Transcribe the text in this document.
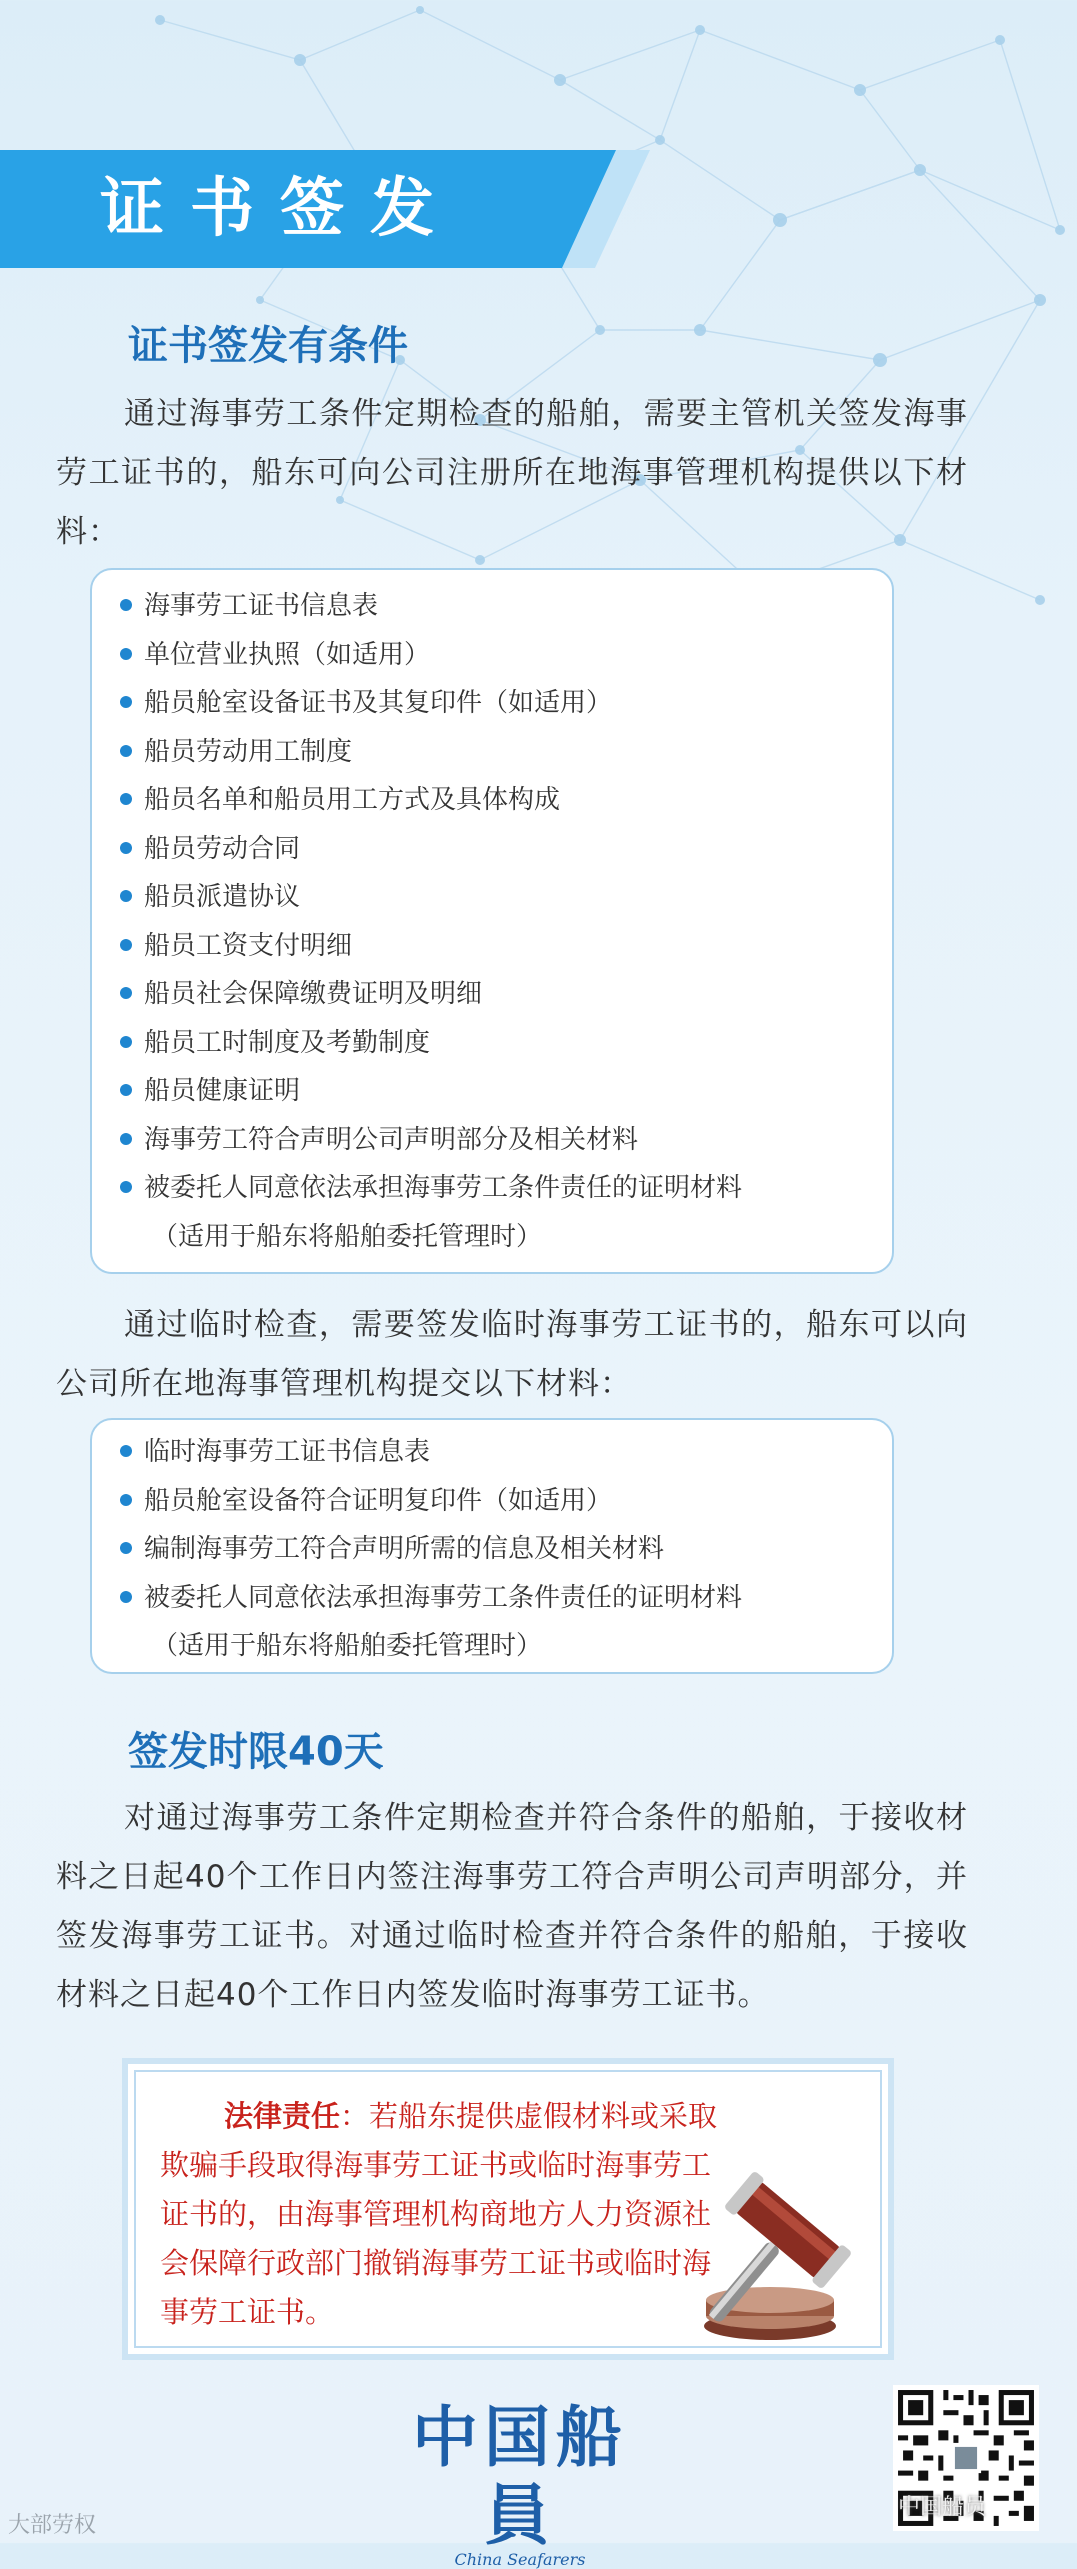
证书签发
证书签发有条件
通过海事劳工条件定期检查的船舶，需要主管机关签发海事劳工证书的，船东可向公司注册所在地海事管理机构提供以下材料：
海事劳工证书信息表
单位营业执照（如适用）
船员舱室设备证书及其复印件（如适用）
船员劳动用工制度
船员名单和船员用工方式及具体构成
船员劳动合同
船员派遣协议
船员工资支付明细
船员社会保障缴费证明及明细
船员工时制度及考勤制度
船员健康证明
海事劳工符合声明公司声明部分及相关材料
被委托人同意依法承担海事劳工条件责任的证明材料
（适用于船东将船舶委托管理时）
通过临时检查，需要签发临时海事劳工证书的，船东可以向公司所在地海事管理机构提交以下材料：
临时海事劳工证书信息表
船员舱室设备符合证明复印件（如适用）
编制海事劳工符合声明所需的信息及相关材料
被委托人同意依法承担海事劳工条件责任的证明材料
（适用于船东将船舶委托管理时）
签发时限40天
对通过海事劳工条件定期检查并符合条件的船舶，于接收材料之日起40个工作日内签注海事劳工符合声明公司声明部分，并签发海事劳工证书。对通过临时检查并符合条件的船舶，于接收材料之日起40个工作日内签发临时海事劳工证书。
法律责任：若船东提供虚假材料或采取欺骗手段取得海事劳工证书或临时海事劳工证书的，由海事管理机构商地方人力资源社会保障行政部门撤销海事劳工证书或临时海事劳工证书。
中国船員
China Seafarers
大部劳权
中国船员
